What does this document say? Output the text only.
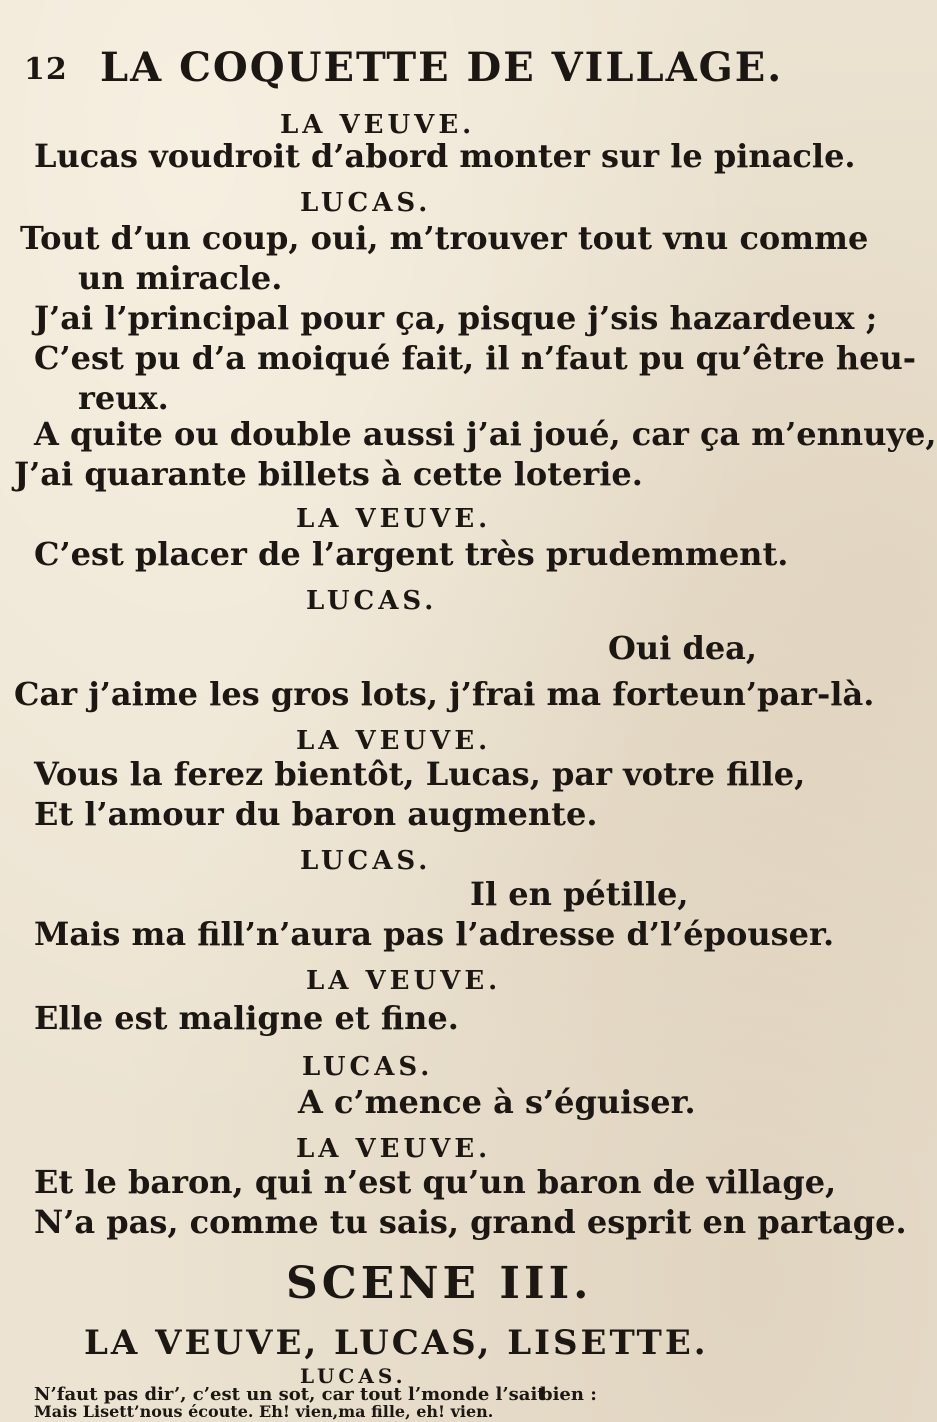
12 LA COQUETTE DE VILLAGE.
LA VEUVE.
Lucas voudroit d’abord monter sur le pinacle.
LUCAS.
Tout d’un coup, oui, m’trouver tout vnu comme
un miracle.
J’ai l’principal pour ça, pisque j’sis hazardeux ;
C’est pu d’a moiqué fait, il n’faut pu qu’être heu-
reux.
A quite ou double aussi j’ai joué, car ça m’ennuye,
J’ai quarante billets à cette loterie.
LA VEUVE.
C’est placer de l’argent très prudemment.
LUCAS.
Oui dea,
Car j’aime les gros lots, j’frai ma forteun’par-là.
LA VEUVE.
Vous la ferez bientôt, Lucas, par votre fille,
Et l’amour du baron augmente.
LUCAS.
Il en pétille,
Mais ma fill’n’aura pas l’adresse d’l’épouser.
LA VEUVE.
Elle est maligne et fine.
LUCAS.
A c’mence à s’éguiser.
LA VEUVE.
Et le baron, qui n’est qu’un baron de village,
N’a pas, comme tu sais, grand esprit en partage.
SCENE III.
LA VEUVE, LUCAS, LISETTE.
LUCAS.
N’faut pas dir’, c’est un sot, car tout l’monde l’sait
bien :
Mais Lisett’nous écoute. Eh! vien,ma fille, eh! vien.
